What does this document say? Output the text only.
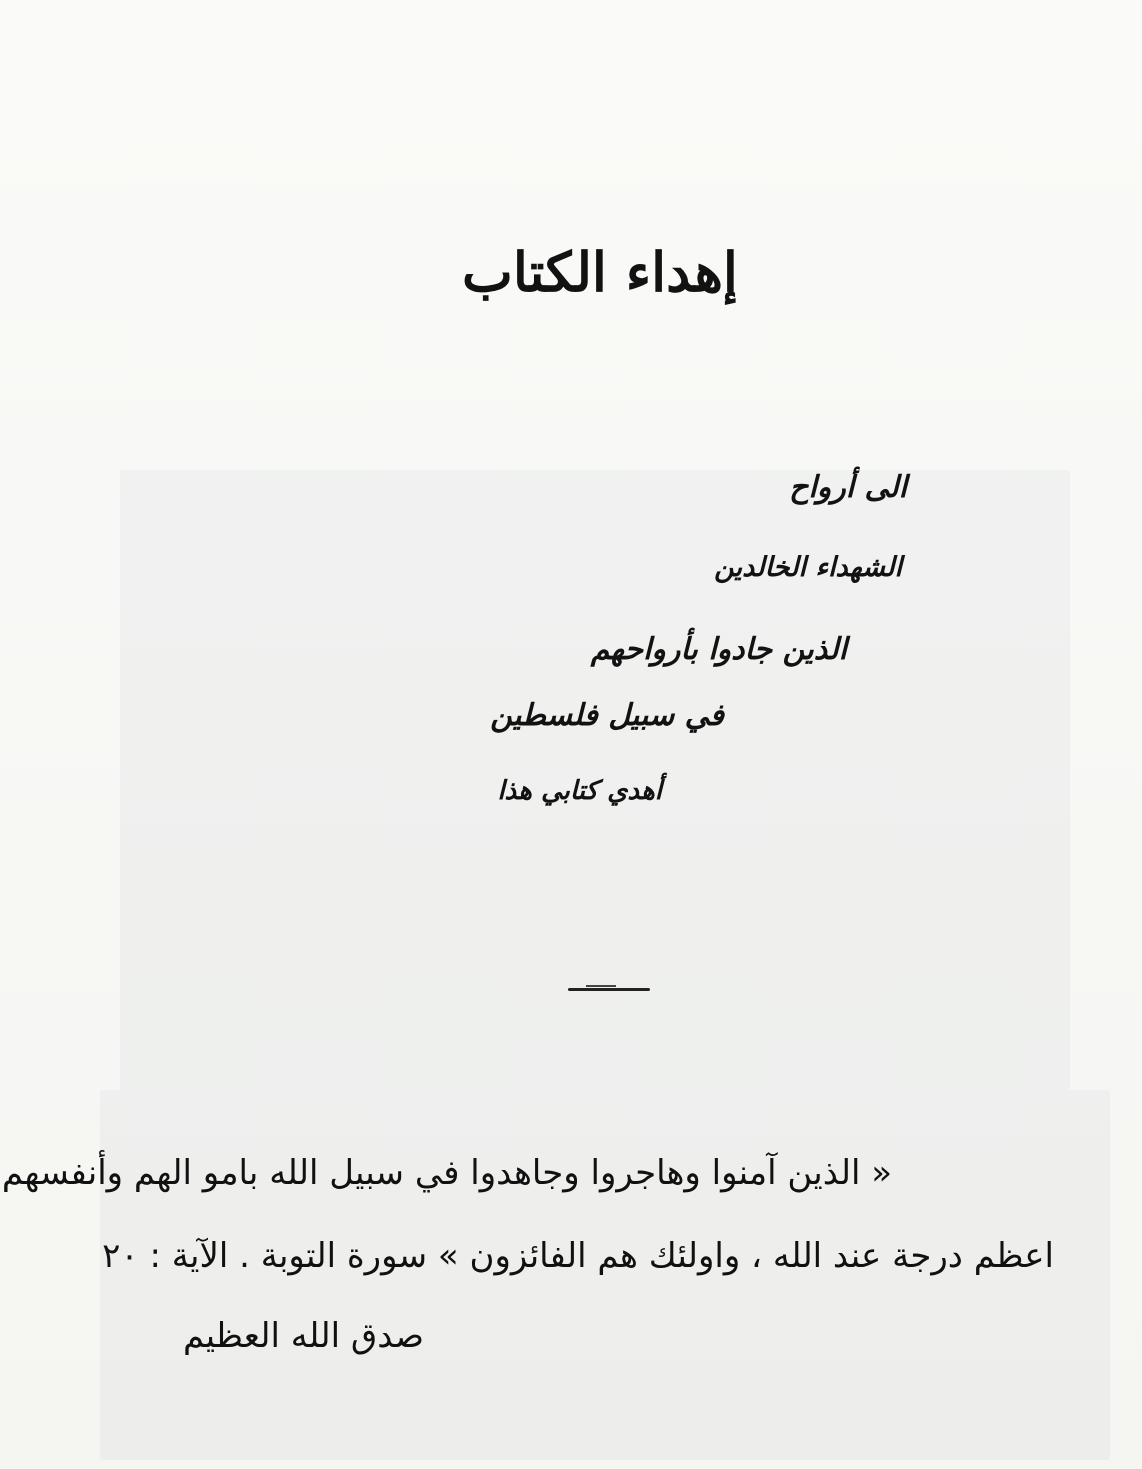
إهداء الكتاب
الى أرواح
الشهداء الخالدين
الذين جادوا بأرواحهم
في سبيل فلسطين
أهدي كتابي هذا
« الذين آمنوا وهاجروا وجاهدوا في سبيل الله بامو الهم وأنفسهم
اعظم درجة عند الله ، واولئك هم الفائزون » سورة التوبة . الآية : ٢٠
صدق الله العظيم
